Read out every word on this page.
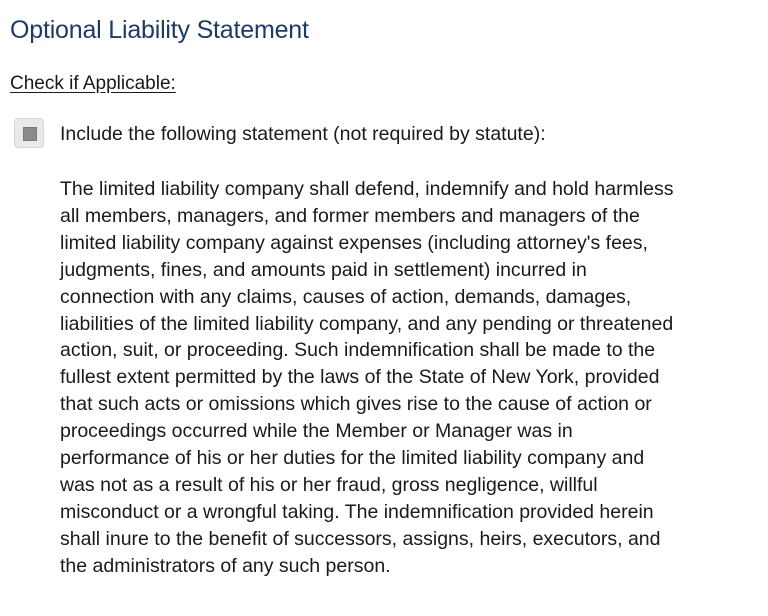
Optional Liability Statement
Check if Applicable:
Include the following statement (not required by statute):
The limited liability company shall defend, indemnify and hold harmless
all members, managers, and former members and managers of the
limited liability company against expenses (including attorney's fees,
judgments, fines, and amounts paid in settlement) incurred in
connection with any claims, causes of action, demands, damages,
liabilities of the limited liability company, and any pending or threatened
action, suit, or proceeding. Such indemnification shall be made to the
fullest extent permitted by the laws of the State of New York, provided
that such acts or omissions which gives rise to the cause of action or
proceedings occurred while the Member or Manager was in
performance of his or her duties for the limited liability company and
was not as a result of his or her fraud, gross negligence, willful
misconduct or a wrongful taking. The indemnification provided herein
shall inure to the benefit of successors, assigns, heirs, executors, and
the administrators of any such person.
